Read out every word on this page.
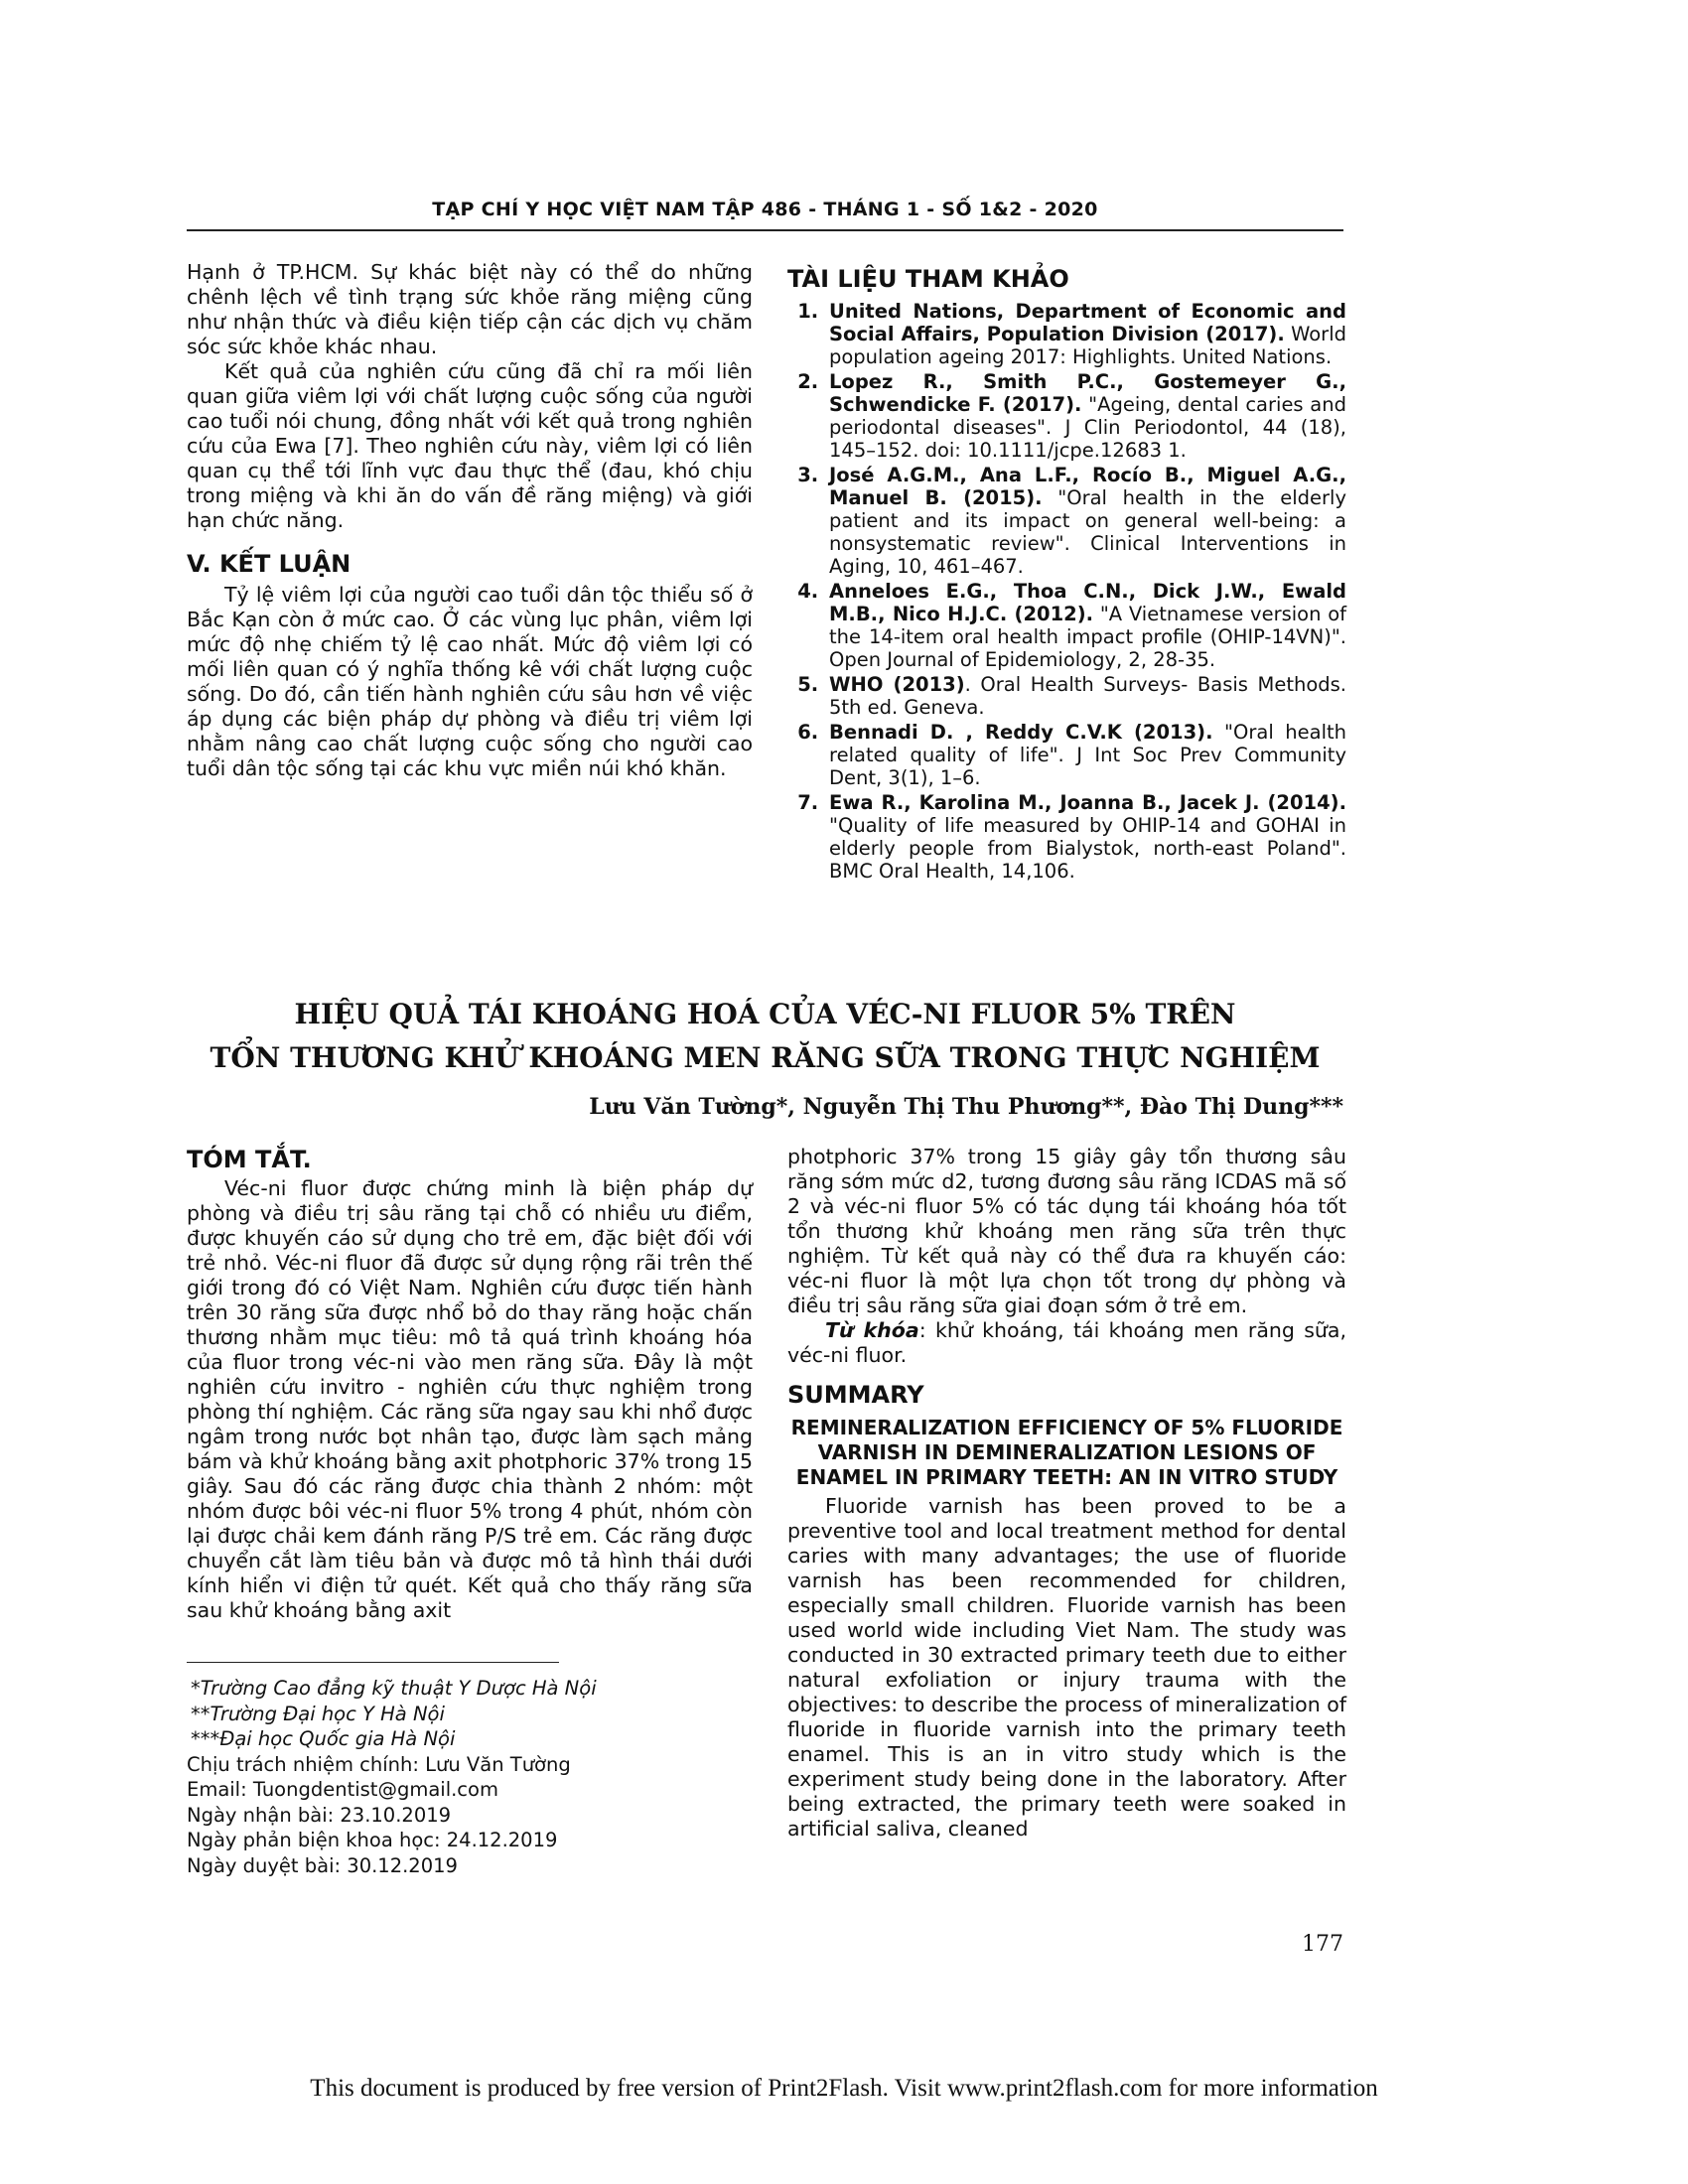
TẠP CHÍ Y HỌC VIỆT NAM TẬP 486 - THÁNG 1 - SỐ 1&2 - 2020

Hạnh ở TP.HCM. Sự khác biệt này có thể do những chênh lệch về tình trạng sức khỏe răng miệng cũng như nhận thức và điều kiện tiếp cận các dịch vụ chăm sóc sức khỏe khác nhau.

Kết quả của nghiên cứu cũng đã chỉ ra mối liên quan giữa viêm lợi với chất lượng cuộc sống của người cao tuổi nói chung, đồng nhất với kết quả trong nghiên cứu của Ewa [7]. Theo nghiên cứu này, viêm lợi có liên quan cụ thể tới lĩnh vực đau thực thể (đau, khó chịu trong miệng và khi ăn do vấn đề răng miệng) và giới hạn chức năng.

V. KẾT LUẬN

Tỷ lệ viêm lợi của người cao tuổi dân tộc thiểu số ở Bắc Kạn còn ở mức cao. Ở các vùng lục phân, viêm lợi mức độ nhẹ chiếm tỷ lệ cao nhất. Mức độ viêm lợi có mối liên quan có ý nghĩa thống kê với chất lượng cuộc sống. Do đó, cần tiến hành nghiên cứu sâu hơn về việc áp dụng các biện pháp dự phòng và điều trị viêm lợi nhằm nâng cao chất lượng cuộc sống cho người cao tuổi dân tộc sống tại các khu vực miền núi khó khăn.

TÀI LIỆU THAM KHẢO
1. United Nations, Department of Economic and Social Affairs, Population Division (2017). World population ageing 2017: Highlights. United Nations.
2. Lopez R., Smith P.C., Gostemeyer G., Schwendicke F. (2017). "Ageing, dental caries and periodontal diseases". J Clin Periodontol, 44 (18), 145–152. doi: 10.1111/jcpe.12683 1.
3. José A.G.M., Ana L.F., Rocío B., Miguel A.G., Manuel B. (2015). "Oral health in the elderly patient and its impact on general well-being: a nonsystematic review". Clinical Interventions in Aging, 10, 461–467.
4. Anneloes E.G., Thoa C.N., Dick J.W., Ewald M.B., Nico H.J.C. (2012). "A Vietnamese version of the 14-item oral health impact profile (OHIP-14VN)". Open Journal of Epidemiology, 2, 28-35.
5. WHO (2013). Oral Health Surveys- Basis Methods. 5th ed. Geneva.
6. Bennadi D. , Reddy C.V.K (2013). "Oral health related quality of life". J Int Soc Prev Community Dent, 3(1), 1–6.
7. Ewa R., Karolina M., Joanna B., Jacek J. (2014). "Quality of life measured by OHIP-14 and GOHAI in elderly people from Bialystok, north-east Poland". BMC Oral Health, 14,106.
HIỆU QUẢ TÁI KHOÁNG HOÁ CỦA VÉC-NI FLUOR 5% TRÊN
TỔN THƯƠNG KHỬ KHOÁNG MEN RĂNG SỮA TRONG THỰC NGHIỆM
Lưu Văn Tường*, Nguyễn Thị Thu Phương**, Đào Thị Dung***
TÓM TẮT.

Véc-ni fluor được chứng minh là biện pháp dự phòng và điều trị sâu răng tại chỗ có nhiều ưu điểm, được khuyến cáo sử dụng cho trẻ em, đặc biệt đối với trẻ nhỏ. Véc-ni fluor đã được sử dụng rộng rãi trên thế giới trong đó có Việt Nam. Nghiên cứu được tiến hành trên 30 răng sữa được nhổ bỏ do thay răng hoặc chấn thương nhằm mục tiêu: mô tả quá trình khoáng hóa của fluor trong véc-ni vào men răng sữa. Đây là một nghiên cứu invitro - nghiên cứu thực nghiệm trong phòng thí nghiệm. Các răng sữa ngay sau khi nhổ được ngâm trong nước bọt nhân tạo, được làm sạch mảng bám và khử khoáng bằng axit photphoric 37% trong 15 giây. Sau đó các răng được chia thành 2 nhóm: một nhóm được bôi véc-ni fluor 5% trong 4 phút, nhóm còn lại được chải kem đánh răng P/S trẻ em. Các răng được chuyển cắt làm tiêu bản và được mô tả hình thái dưới kính hiển vi điện tử quét. Kết quả cho thấy răng sữa sau khử khoáng bằng axit

photphoric 37% trong 15 giây gây tổn thương sâu răng sớm mức d2, tương đương sâu răng ICDAS mã số 2 và véc-ni fluor 5% có tác dụng tái khoáng hóa tốt tổn thương khử khoáng men răng sữa trên thực nghiệm. Từ kết quả này có thể đưa ra khuyến cáo: véc-ni fluor là một lựa chọn tốt trong dự phòng và điều trị sâu răng sữa giai đoạn sớm ở trẻ em.

Từ khóa: khử khoáng, tái khoáng men răng sữa, véc-ni fluor.

SUMMARY
REMINERALIZATION EFFICIENCY OF 5% FLUORIDE VARNISH IN DEMINERALIZATION LESIONS OF ENAMEL IN PRIMARY TEETH: AN IN VITRO STUDY

Fluoride varnish has been proved to be a preventive tool and local treatment method for dental caries with many advantages; the use of fluoride varnish has been recommended for children, especially small children. Fluoride varnish has been used world wide including Viet Nam. The study was conducted in 30 extracted primary teeth due to either natural exfoliation or injury trauma with the objectives: to describe the process of mineralization of fluoride in fluoride varnish into the primary teeth enamel. This is an in vitro study which is the experiment study being done in the laboratory. After being extracted, the primary teeth were soaked in artificial saliva, cleaned

*Trường Cao đẳng kỹ thuật Y Dược Hà Nội
**Trường Đại học Y Hà Nội
***Đại học Quốc gia Hà Nội
Chịu trách nhiệm chính: Lưu Văn Tường
Email: Tuongdentist@gmail.com
Ngày nhận bài: 23.10.2019
Ngày phản biện khoa học: 24.12.2019
Ngày duyệt bài: 30.12.2019
177
This document is produced by free version of Print2Flash. Visit www.print2flash.com for more information
